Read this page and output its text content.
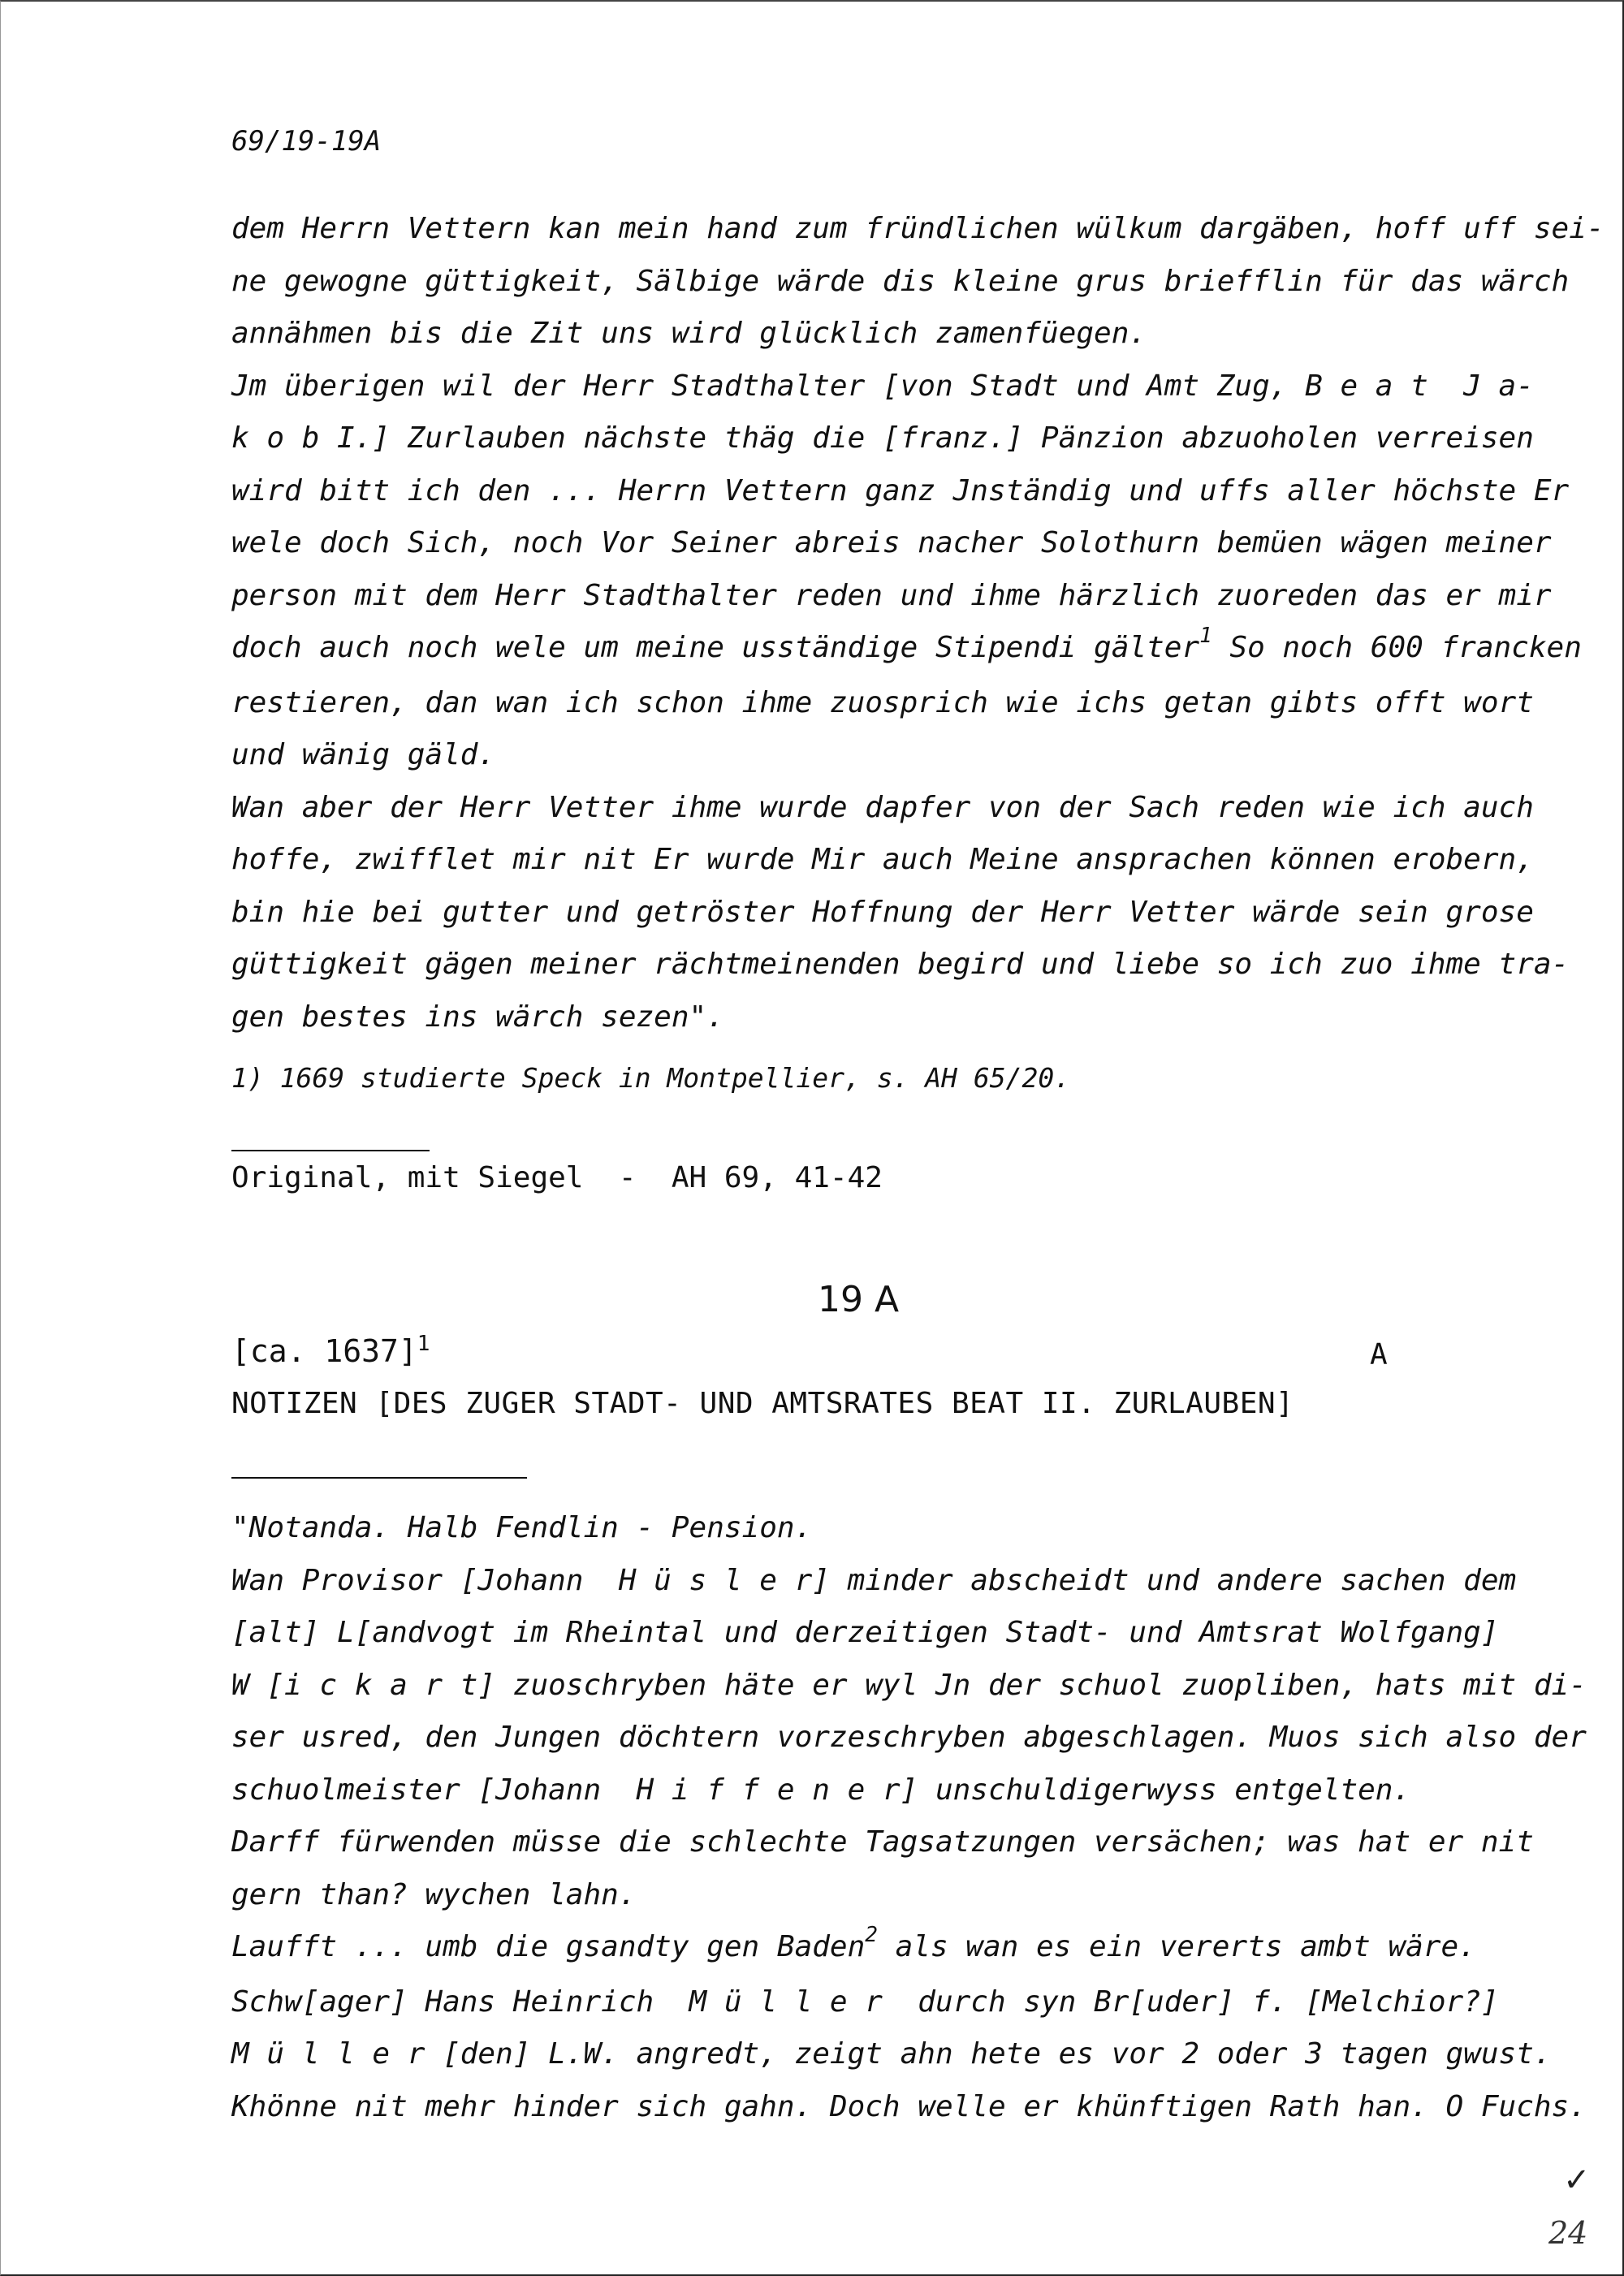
69/19-19A
dem Herrn Vettern kan mein hand zum fründlichen wülkum dargäben, hoff uff sei-
ne gewogne güttigkeit, Sälbige wärde dis kleine grus briefflin für das wärch
annähmen bis die Zit uns wird glücklich zamenfüegen.
Jm überigen wil der Herr Stadthalter [von Stadt und Amt Zug, B e a t  J a-
k o b I.] Zurlauben nächste thäg die [franz.] Pänzion abzuoholen verreisen
wird bitt ich den ... Herrn Vettern ganz Jnständig und uffs aller höchste Er
wele doch Sich, noch Vor Seiner abreis nacher Solothurn bemüen wägen meiner
person mit dem Herr Stadthalter reden und ihme härzlich zuoreden das er mir
doch auch noch wele um meine usständige Stipendi gälter$^1$ So noch 600 francken
restieren, dan wan ich schon ihme zuosprich wie ichs getan gibts offt wort
und wänig gäld.
Wan aber der Herr Vetter ihme wurde dapfer von der Sach reden wie ich auch
hoffe, zwifflet mir nit Er wurde Mir auch Meine ansprachen können erobern,
bin hie bei gutter und getröster Hoffnung der Herr Vetter wärde sein grose
güttigkeit gägen meiner rächtmeinenden begird und liebe so ich zuo ihme tra-
gen bestes ins wärch sezen".
1) 1669 studierte Speck in Montpellier, s. AH 65/20.
Original, mit Siegel  -  AH 69, 41-42
19 A
[ca. 1637]$^1$	A
NOTIZEN [DES ZUGER STADT- UND AMTSRATES BEAT II. ZURLAUBEN]
"Notanda. Halb Fendlin - Pension.
Wan Provisor [Johann  H ü s l e r] minder abscheidt und andere sachen dem
[alt] L[andvogt im Rheintal und derzeitigen Stadt- und Amtsrat Wolfgang]
W [i c k a r t] zuoschryben häte er wyl Jn der schuol zuopliben, hats mit di-
ser usred, den Jungen döchtern vorzeschryben abgeschlagen. Muos sich also der
schuolmeister [Johann  H i f f e n e r] unschuldigerwyss entgelten.
Darff fürwenden müsse die schlechte Tagsatzungen versächen; was hat er nit
gern than? wychen lahn.
Laufft ... umb die gsandty gen Baden$^2$ als wan es ein vererts ambt wäre.
Schw[ager] Hans Heinrich  M ü l l e r  durch syn Br[uder] f. [Melchior?]
M ü l l e r [den] L.W. angredt, zeigt ahn hete es vor 2 oder 3 tagen gwust.
Khönne nit mehr hinder sich gahn. Doch welle er khünftigen Rath han. O Fuchs.
✓
24
